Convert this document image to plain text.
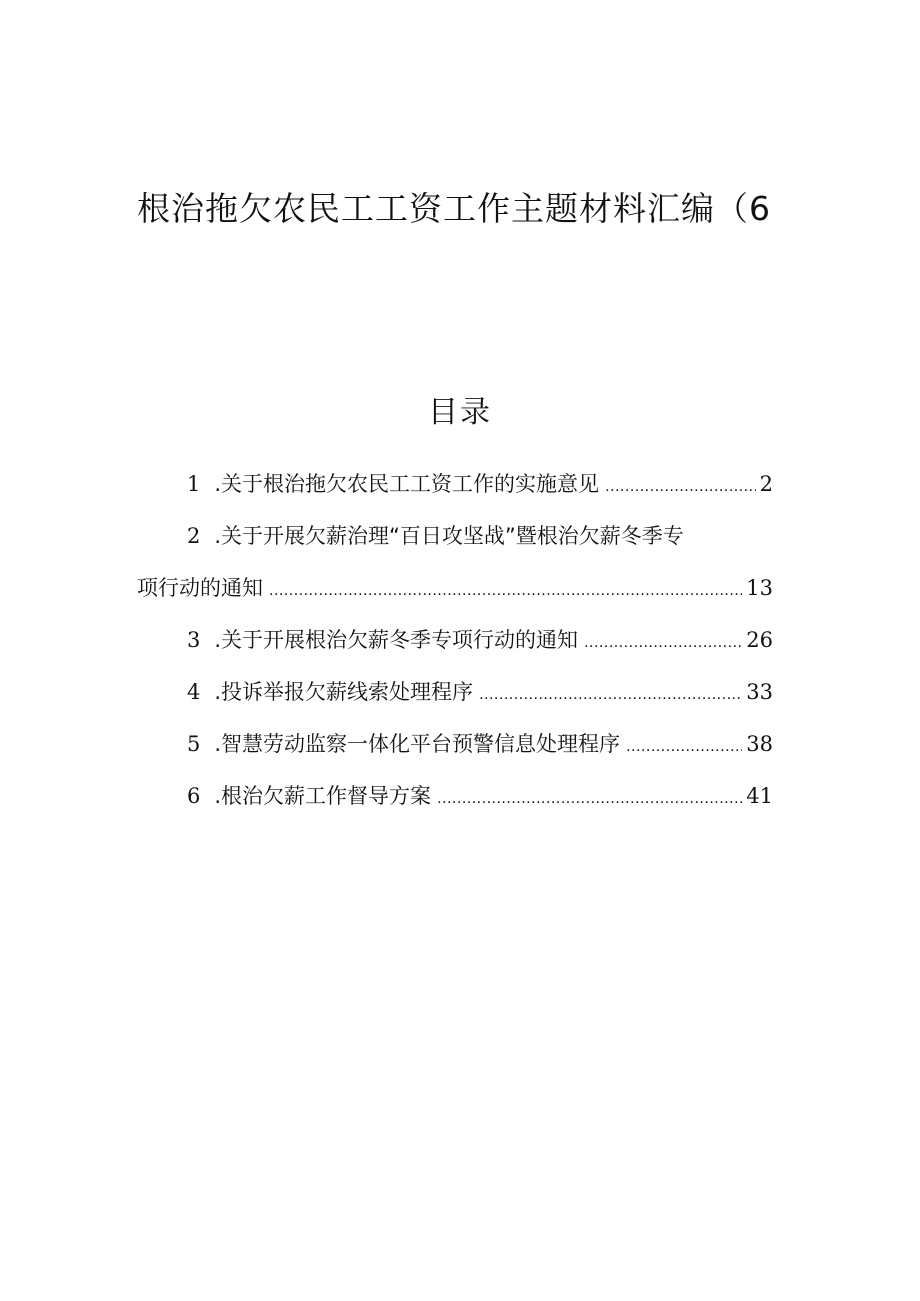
根治拖欠农民工工资工作主题材料汇编（6
目录
1 .关于根治拖欠农民工工资工作的实施意见 .....	2
2 .关于开展欠薪治理“百日攻坚战”暨根治欠薪冬季专
项行动的通知 .....	13
3 .关于开展根治欠薪冬季专项行动的通知 .....	26
4 .投诉举报欠薪线索处理程序 .....	33
5 .智慧劳动监察一体化平台预警信息处理程序 .....	38
6 .根治欠薪工作督导方案 .....	41
